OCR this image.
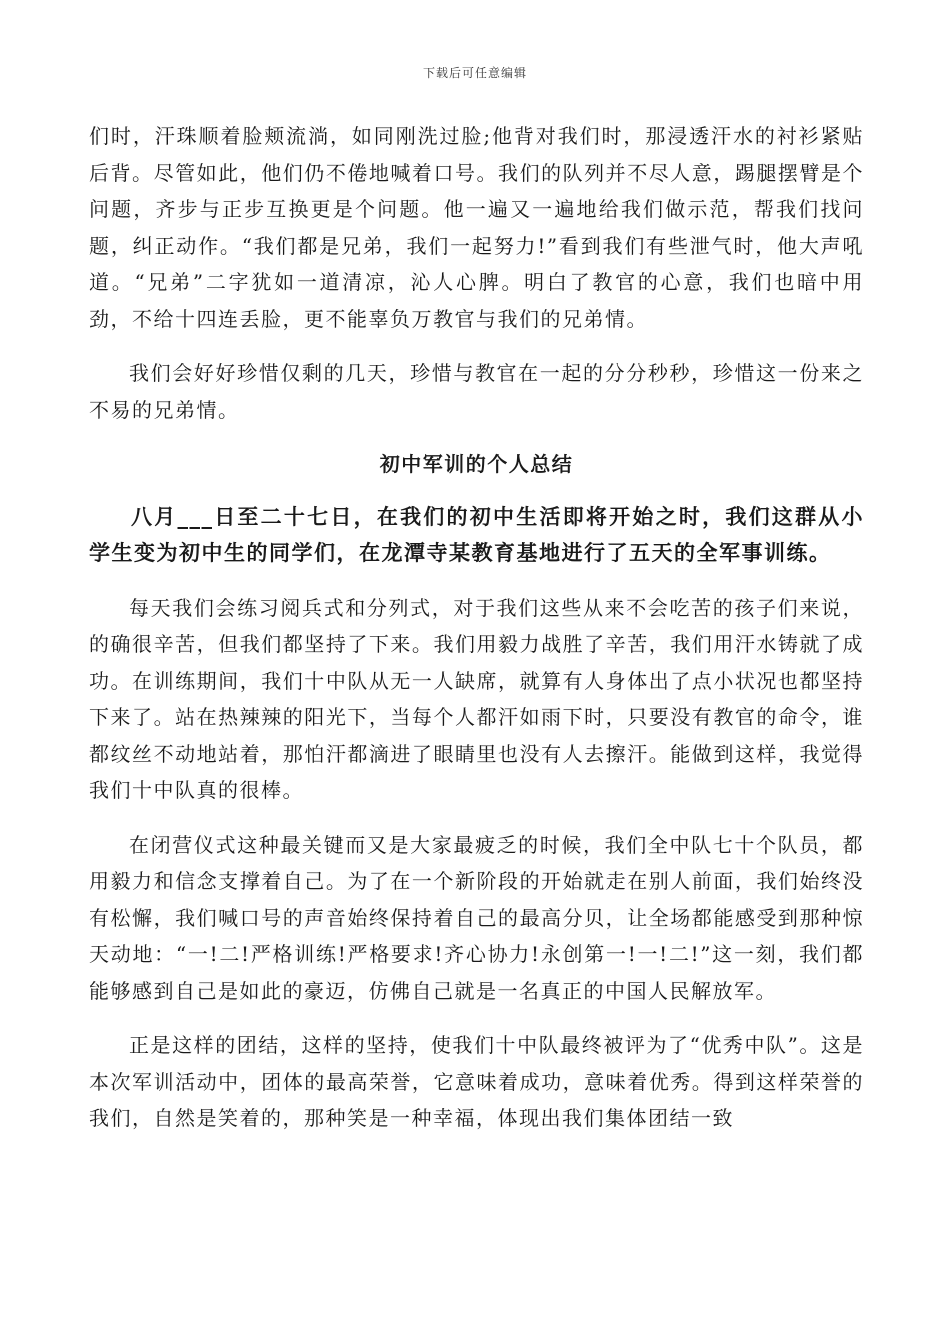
下载后可任意编辑

们时，汗珠顺着脸颊流淌，如同刚洗过脸;他背对我们时，那浸透汗水的衬衫紧贴后背。尽管如此，他们仍不倦地喊着口号。我们的队列并不尽人意，踢腿摆臂是个问题，齐步与正步互换更是个问题。他一遍又一遍地给我们做示范，帮我们找问题，纠正动作。“我们都是兄弟，我们一起努力!”看到我们有些泄气时，他大声吼道。“兄弟”二字犹如一道清凉，沁人心脾。明白了教官的心意，我们也暗中用劲，不给十四连丢脸，更不能辜负万教官与我们的兄弟情。

我们会好好珍惜仅剩的几天，珍惜与教官在一起的分分秒秒，珍惜这一份来之不易的兄弟情。

初中军训的个人总结

八月___日至二十七日，在我们的初中生活即将开始之时，我们这群从小学生变为初中生的同学们，在龙潭寺某教育基地进行了五天的全军事训练。

每天我们会练习阅兵式和分列式，对于我们这些从来不会吃苦的孩子们来说，的确很辛苦，但我们都坚持了下来。我们用毅力战胜了辛苦，我们用汗水铸就了成功。在训练期间，我们十中队从无一人缺席，就算有人身体出了点小状况也都坚持下来了。站在热辣辣的阳光下，当每个人都汗如雨下时，只要没有教官的命令，谁都纹丝不动地站着，那怕汗都滴进了眼睛里也没有人去擦汗。能做到这样，我觉得我们十中队真的很棒。

在闭营仪式这种最关键而又是大家最疲乏的时候，我们全中队七十个队员，都用毅力和信念支撑着自己。为了在一个新阶段的开始就走在别人前面，我们始终没有松懈，我们喊口号的声音始终保持着自己的最高分贝，让全场都能感受到那种惊天动地：“一!二!严格训练!严格要求!齐心协力!永创第一!一!二!”这一刻，我们都能够感到自己是如此的豪迈，仿佛自己就是一名真正的中国人民解放军。

正是这样的团结，这样的坚持，使我们十中队最终被评为了“优秀中队”。这是本次军训活动中，团体的最高荣誉，它意味着成功，意味着优秀。得到这样荣誉的我们，自然是笑着的，那种笑是一种幸福，体现出我们集体团结一致
